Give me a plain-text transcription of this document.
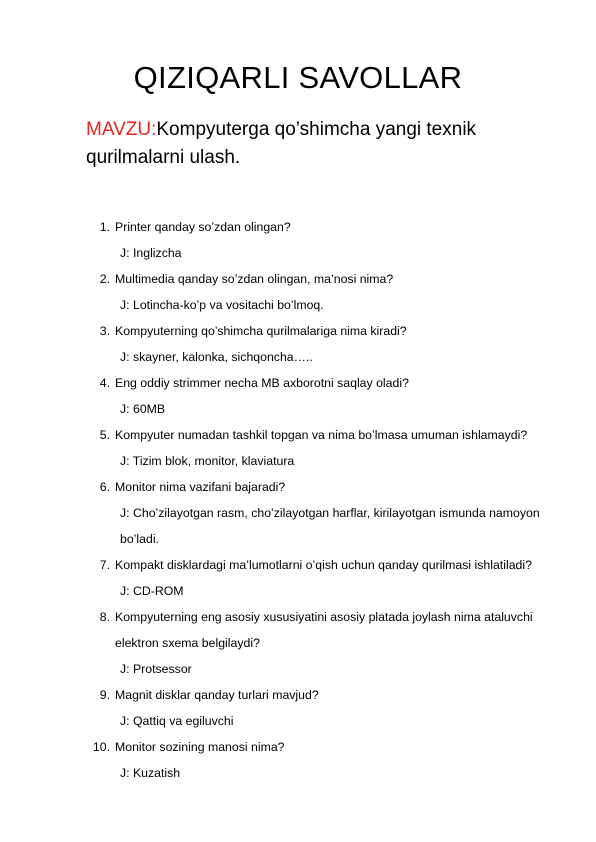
QIZIQARLI SAVOLLAR
MAVZU:Kompyuterga qo’shimcha yangi texnik qurilmalarni ulash.
1. Printer qanday so’zdan olingan?
J: Inglizcha
2. Multimedia qanday so’zdan olingan, ma’nosi nima?
J: Lotincha-ko’p va vositachi bo’lmoq.
3. Kompyuterning qo’shimcha qurilmalariga nima kiradi?
J: skayner, kalonka, sichqoncha…..
4. Eng oddiy strimmer necha MB axborotni saqlay oladi?
J: 60MB
5. Kompyuter numadan tashkil topgan va nima bo’lmasa umuman ishlamaydi?
J: Tizim blok, monitor, klaviatura
6. Monitor nima vazifani bajaradi?
J: Cho’zilayotgan rasm, cho’zilayotgan harflar, kirilayotgan ismunda namoyon bo’ladi.
7. Kompakt disklardagi ma’lumotlarni o’qish uchun qanday qurilmasi ishlatiladi?
J: CD-ROM
8. Kompyuterning eng asosiy xususiyatini asosiy platada joylash nima ataluvchi elektron sxema belgilaydi?
J: Protsessor
9. Magnit disklar qanday turlari mavjud?
J: Qattiq va egiluvchi
10. Monitor sozining manosi nima?
J: Kuzatish
